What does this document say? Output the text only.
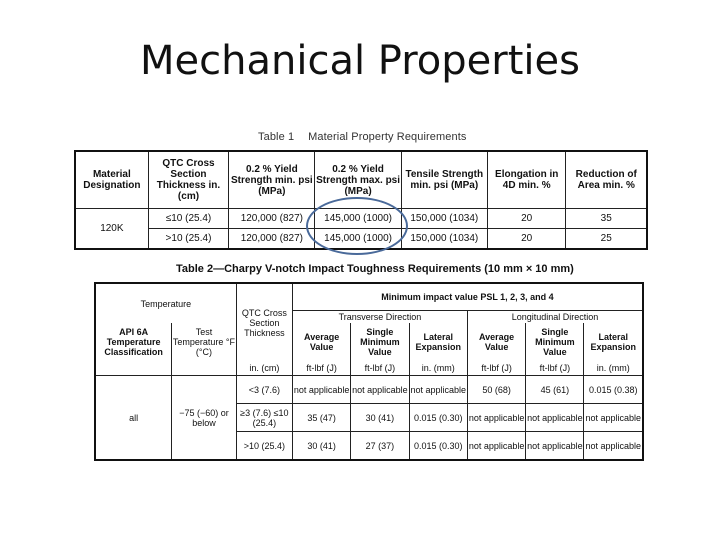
Mechanical Properties
Table 1 Material Property Requirements
Material Designation	QTC Cross Section Thickness in. (cm)	0.2 % Yield Strength min. psi (MPa)	0.2 % Yield Strength max. psi (MPa)	Tensile Strength min. psi (MPa)	Elongation in 4D min. %	Reduction of Area min. %
120K	≤10 (25.4)	120,000 (827)	145,000 (1000)	150,000 (1034)	20	35
	>10 (25.4)	120,000 (827)	145,000 (1000)	150,000 (1034)	20	25
Table 2—Charpy V-notch Impact Toughness Requirements (10 mm × 10 mm)
Temperature		QTC Cross Section Thickness	Minimum impact value PSL 1, 2, 3, and 4					
			Transverse Direction			Longitudinal Direction		
API 6A Temperature Classification	Test Temperature °F (°C)		Average Value	Single Minimum Value	Lateral Expansion	Average Value	Single Minimum Value	Lateral Expansion
		in. (cm)	ft-lbf (J)	ft-lbf (J)	in. (mm)	ft-lbf (J)	ft-lbf (J)	in. (mm)
all	−75 (−60) or below	<3 (7.6)	not applicable	not applicable	not applicable	50 (68)	45 (61)	0.015 (0.38)
		≥3 (7.6) ≤10 (25.4)	35 (47)	30 (41)	0.015 (0.30)	not applicable	not applicable	not applicable
		>10 (25.4)	30 (41)	27 (37)	0.015 (0.30)	not applicable	not applicable	not applicable
